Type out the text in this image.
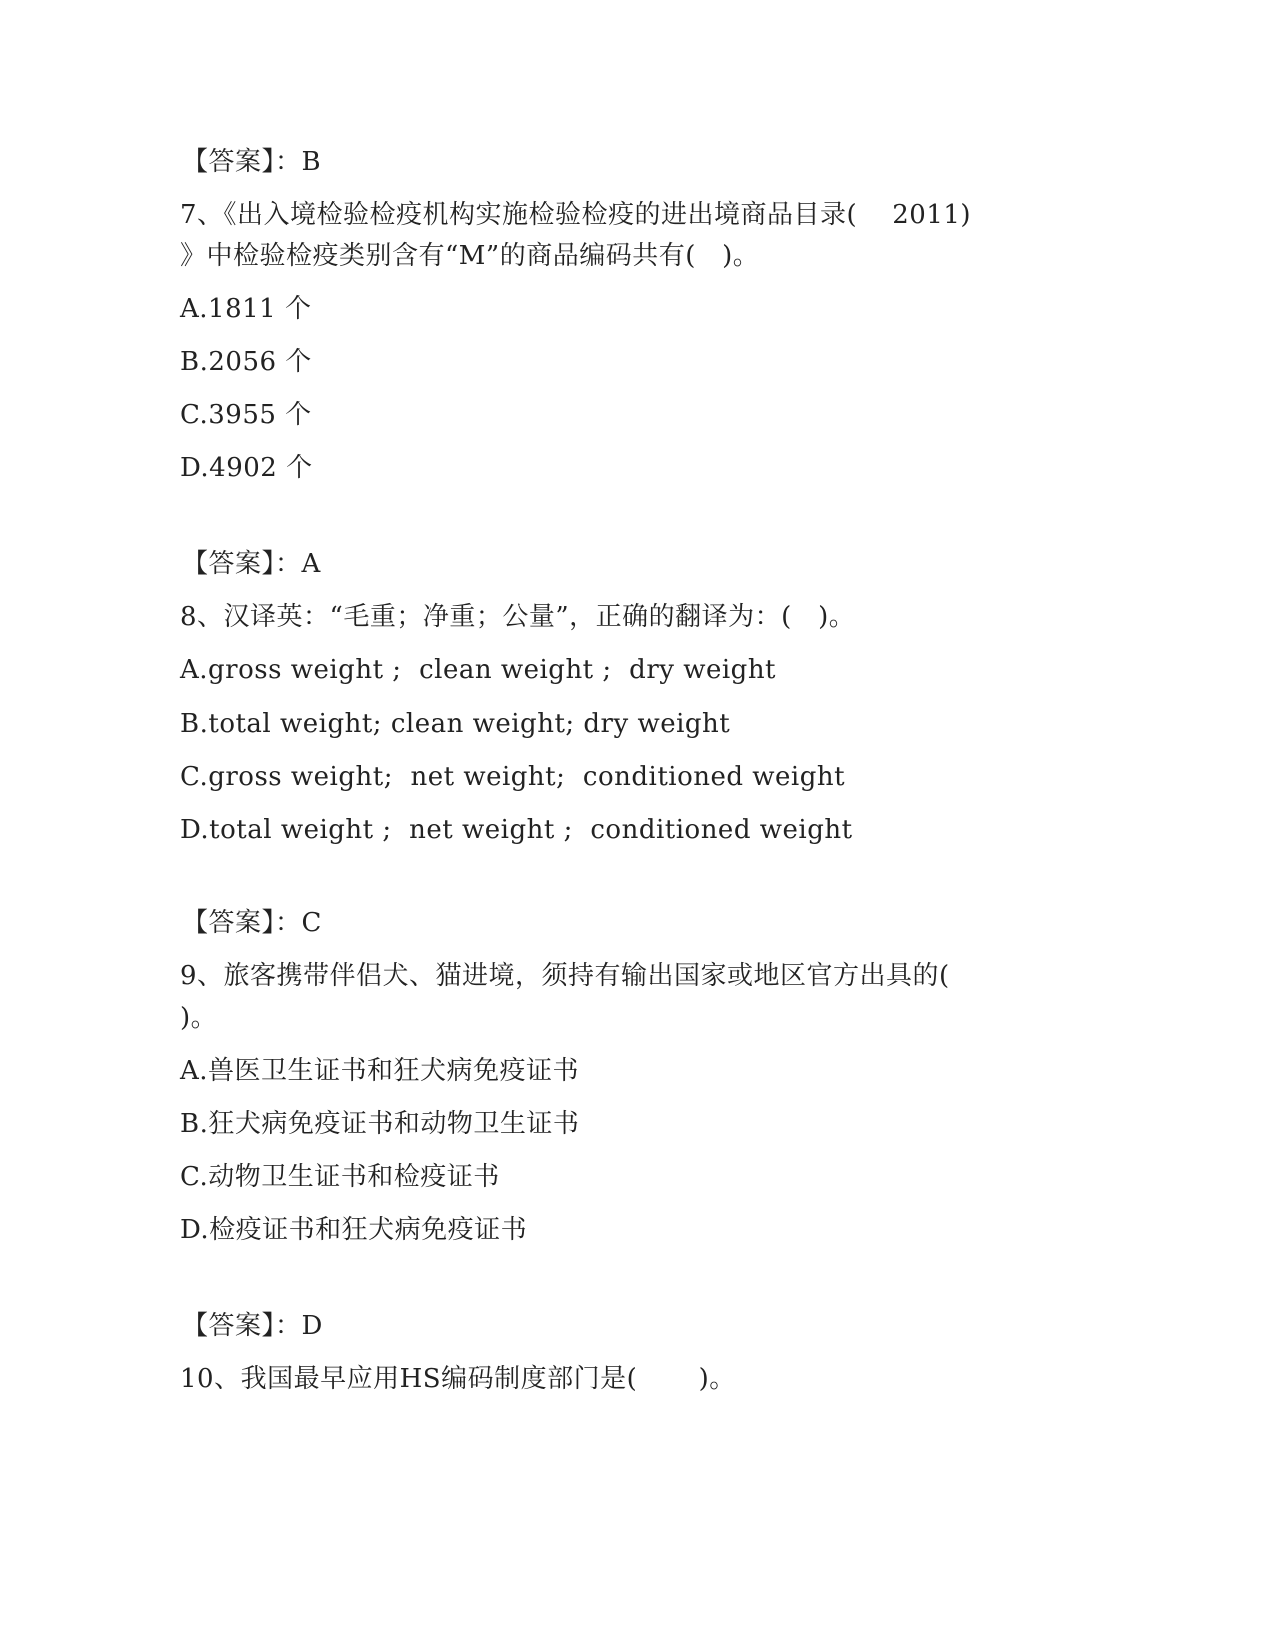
【答案】：B
7、《出入境检验检疫机构实施检验检疫的进出境商品目录(    2011)
》中检验检疫类别含有“M”的商品编码共有(   )。
A.1811 个
B.2056 个
C.3955 个
D.4902 个
【答案】：A
8、汉译英：“毛重；净重；公量”，正确的翻译为：(   )。
A.gross weight ;  clean weight ;  dry weight
B.total weight; clean weight; dry weight
C.gross weight;  net weight;  conditioned weight
D.total weight ;  net weight ;  conditioned weight
【答案】：C
9、旅客携带伴侣犬、猫进境，须持有输出国家或地区官方出具的(
)。
A.兽医卫生证书和狂犬病免疫证书
B.狂犬病免疫证书和动物卫生证书
C.动物卫生证书和检疫证书
D.检疫证书和狂犬病免疫证书
【答案】：D
10、我国最早应用HS编码制度部门是(       )。
